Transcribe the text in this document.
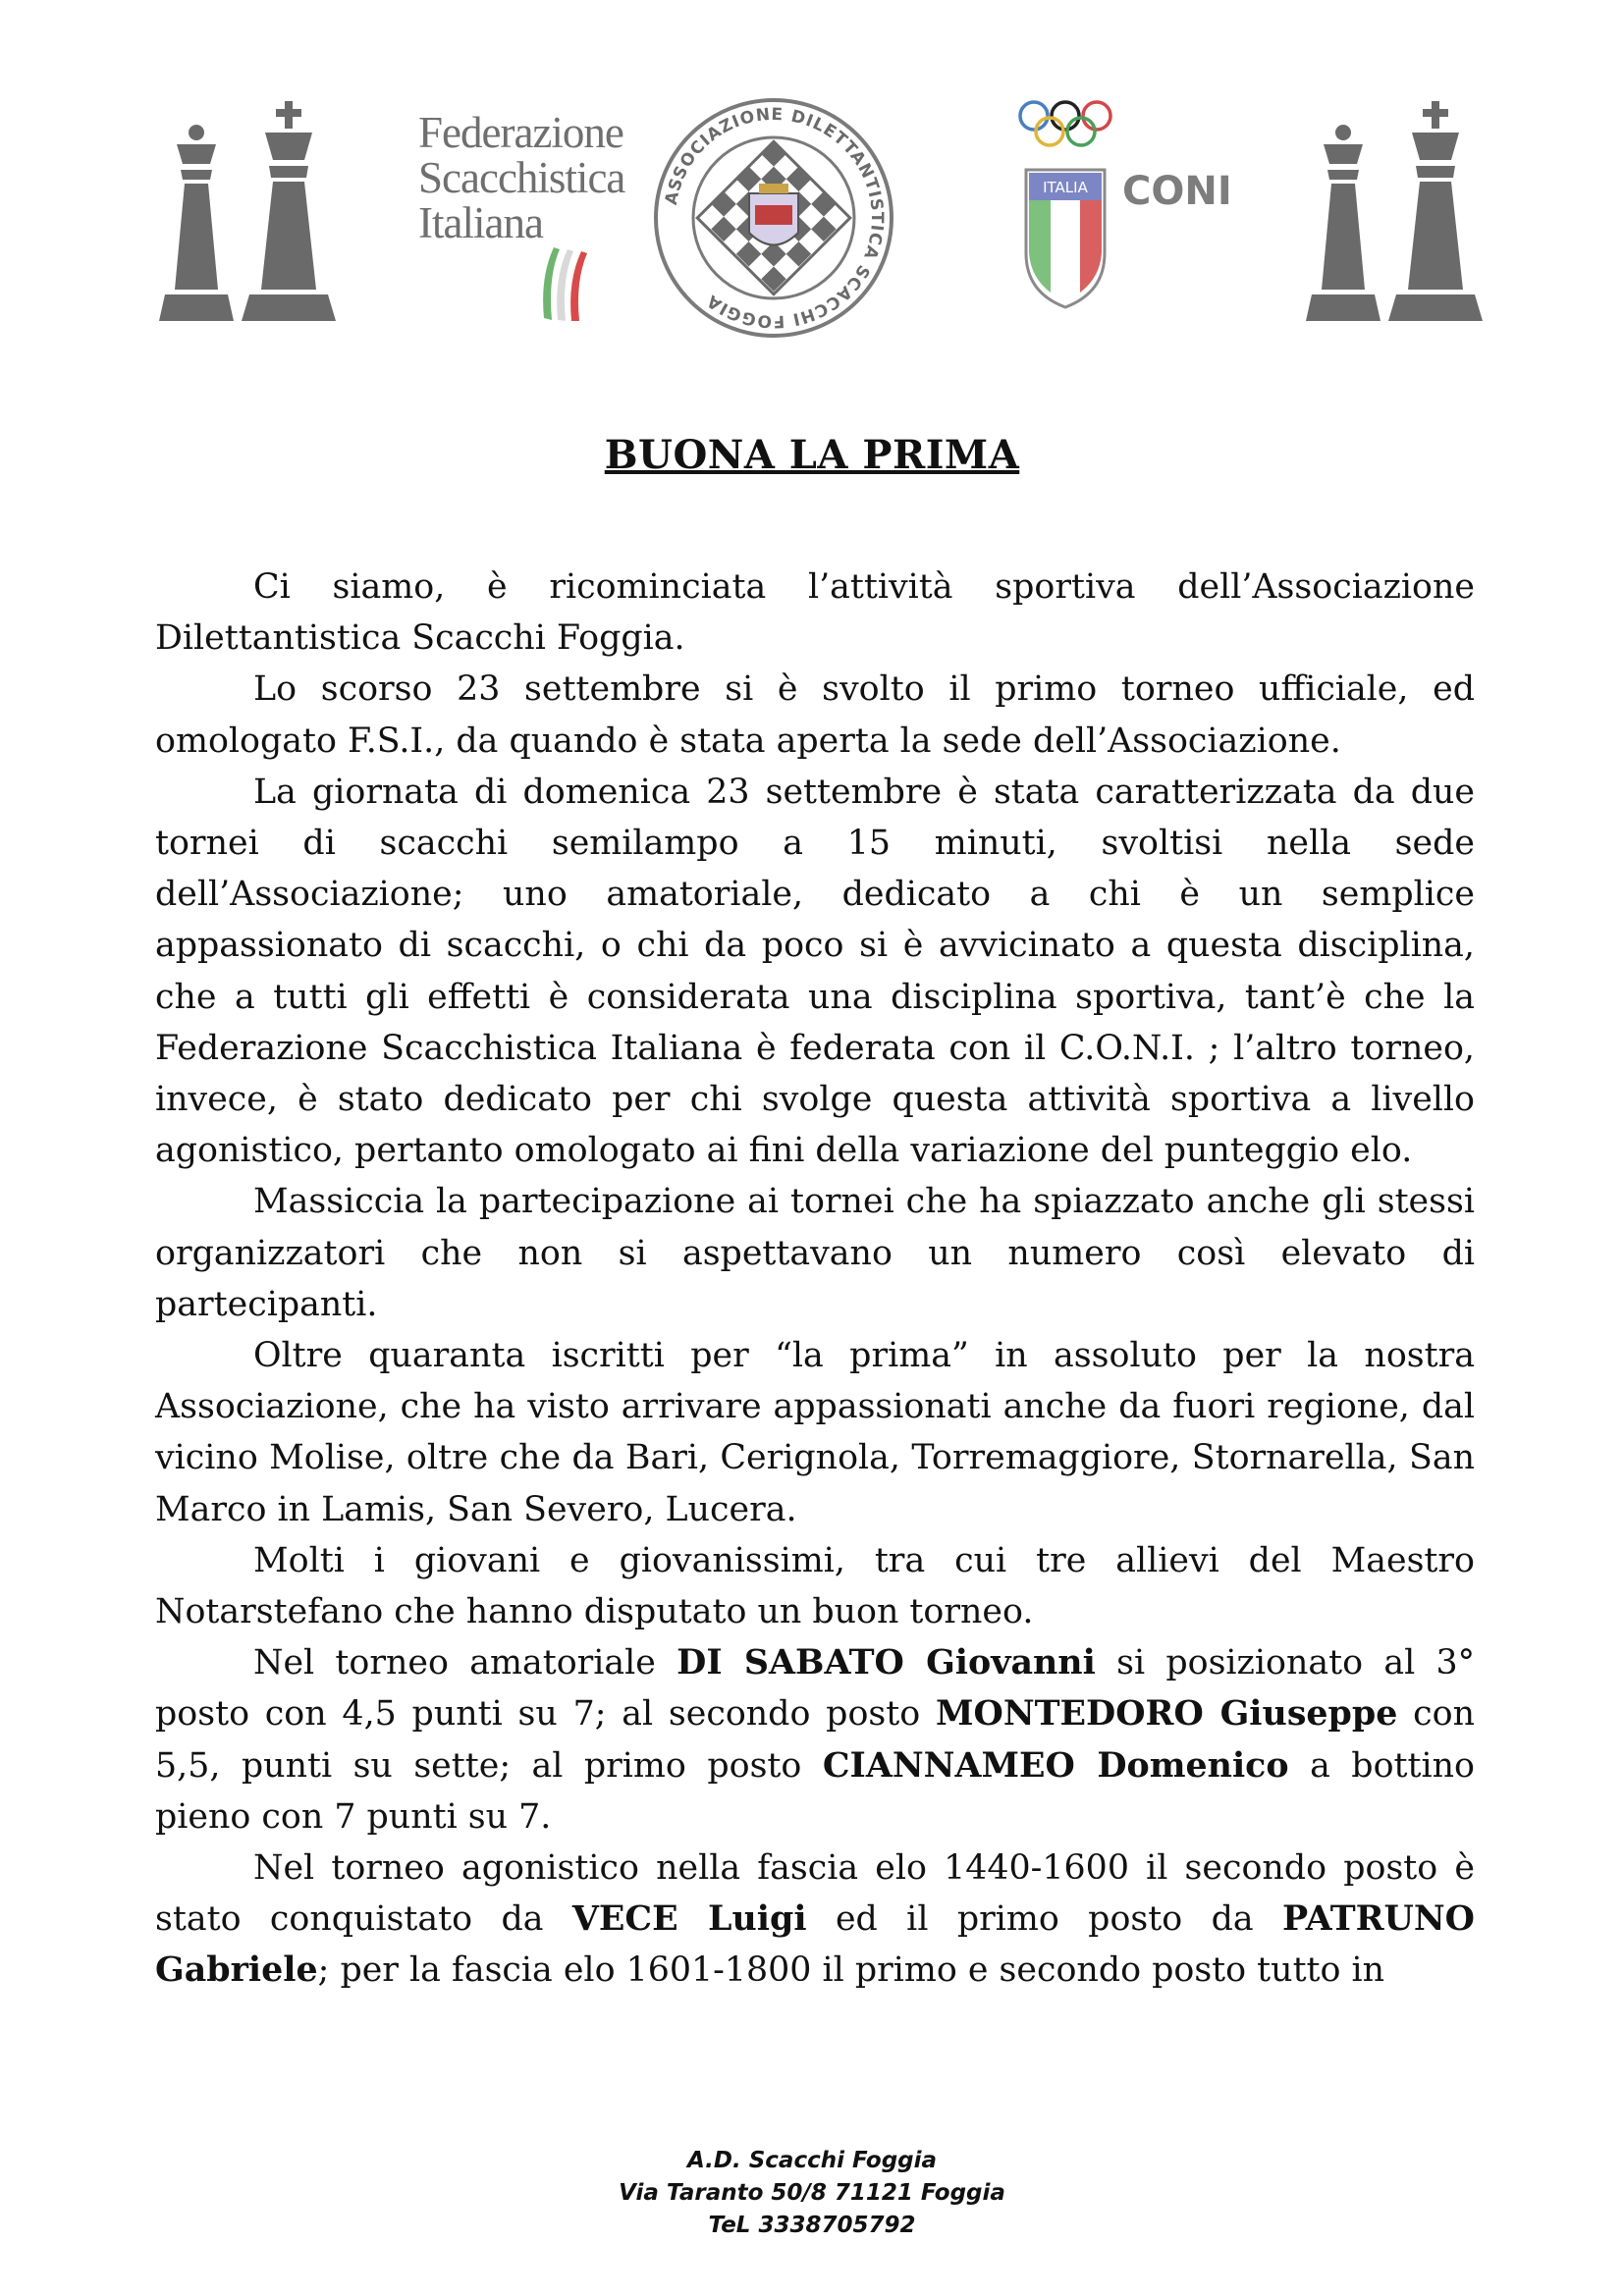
Federazione
Scacchistica
Italiana
ASSOCIAZIONE DILETTANTISTICA SCACCHI FOGGIA
ITALIA CONI
BUONA LA PRIMA

Ci siamo, è ricominciata l’attività sportiva dell’Associazione Dilettantistica Scacchi Foggia.

Lo scorso 23 settembre si è svolto il primo torneo ufficiale, ed omologato F.S.I., da quando è stata aperta la sede dell’Associazione.

La giornata di domenica 23 settembre è stata caratterizzata da due tornei di scacchi semilampo a 15 minuti, svoltisi nella sede dell’Associazione; uno amatoriale, dedicato a chi è un semplice appassionato di scacchi, o chi da poco si è avvicinato a questa disciplina, che a tutti gli effetti è considerata una disciplina sportiva, tant’è che la Federazione Scacchistica Italiana è federata con il C.O.N.I. ; l’altro torneo, invece, è stato dedicato per chi svolge questa attività sportiva a livello agonistico, pertanto omologato ai fini della variazione del punteggio elo.

Massiccia la partecipazione ai tornei che ha spiazzato anche gli stessi organizzatori che non si aspettavano un numero così elevato di partecipanti.

Oltre quaranta iscritti per “la prima” in assoluto per la nostra Associazione, che ha visto arrivare appassionati anche da fuori regione, dal vicino Molise, oltre che da Bari, Cerignola, Torremaggiore, Stornarella, San Marco in Lamis, San Severo, Lucera.

Molti i giovani e giovanissimi, tra cui tre allievi del Maestro Notarstefano che hanno disputato un buon torneo.

Nel torneo amatoriale DI SABATO Giovanni si posizionato al 3° posto con 4,5 punti su 7; al secondo posto MONTEDORO Giuseppe con 5,5, punti su sette; al primo posto CIANNAMEO Domenico a bottino pieno con 7 punti su 7.

Nel torneo agonistico nella fascia elo 1440-1600 il secondo posto è stato conquistato da VECE Luigi ed il primo posto da PATRUNO Gabriele; per la fascia elo 1601-1800 il primo e secondo posto tutto in

A.D. Scacchi Foggia
Via Taranto 50/8 71121 Foggia
TeL 3338705792
